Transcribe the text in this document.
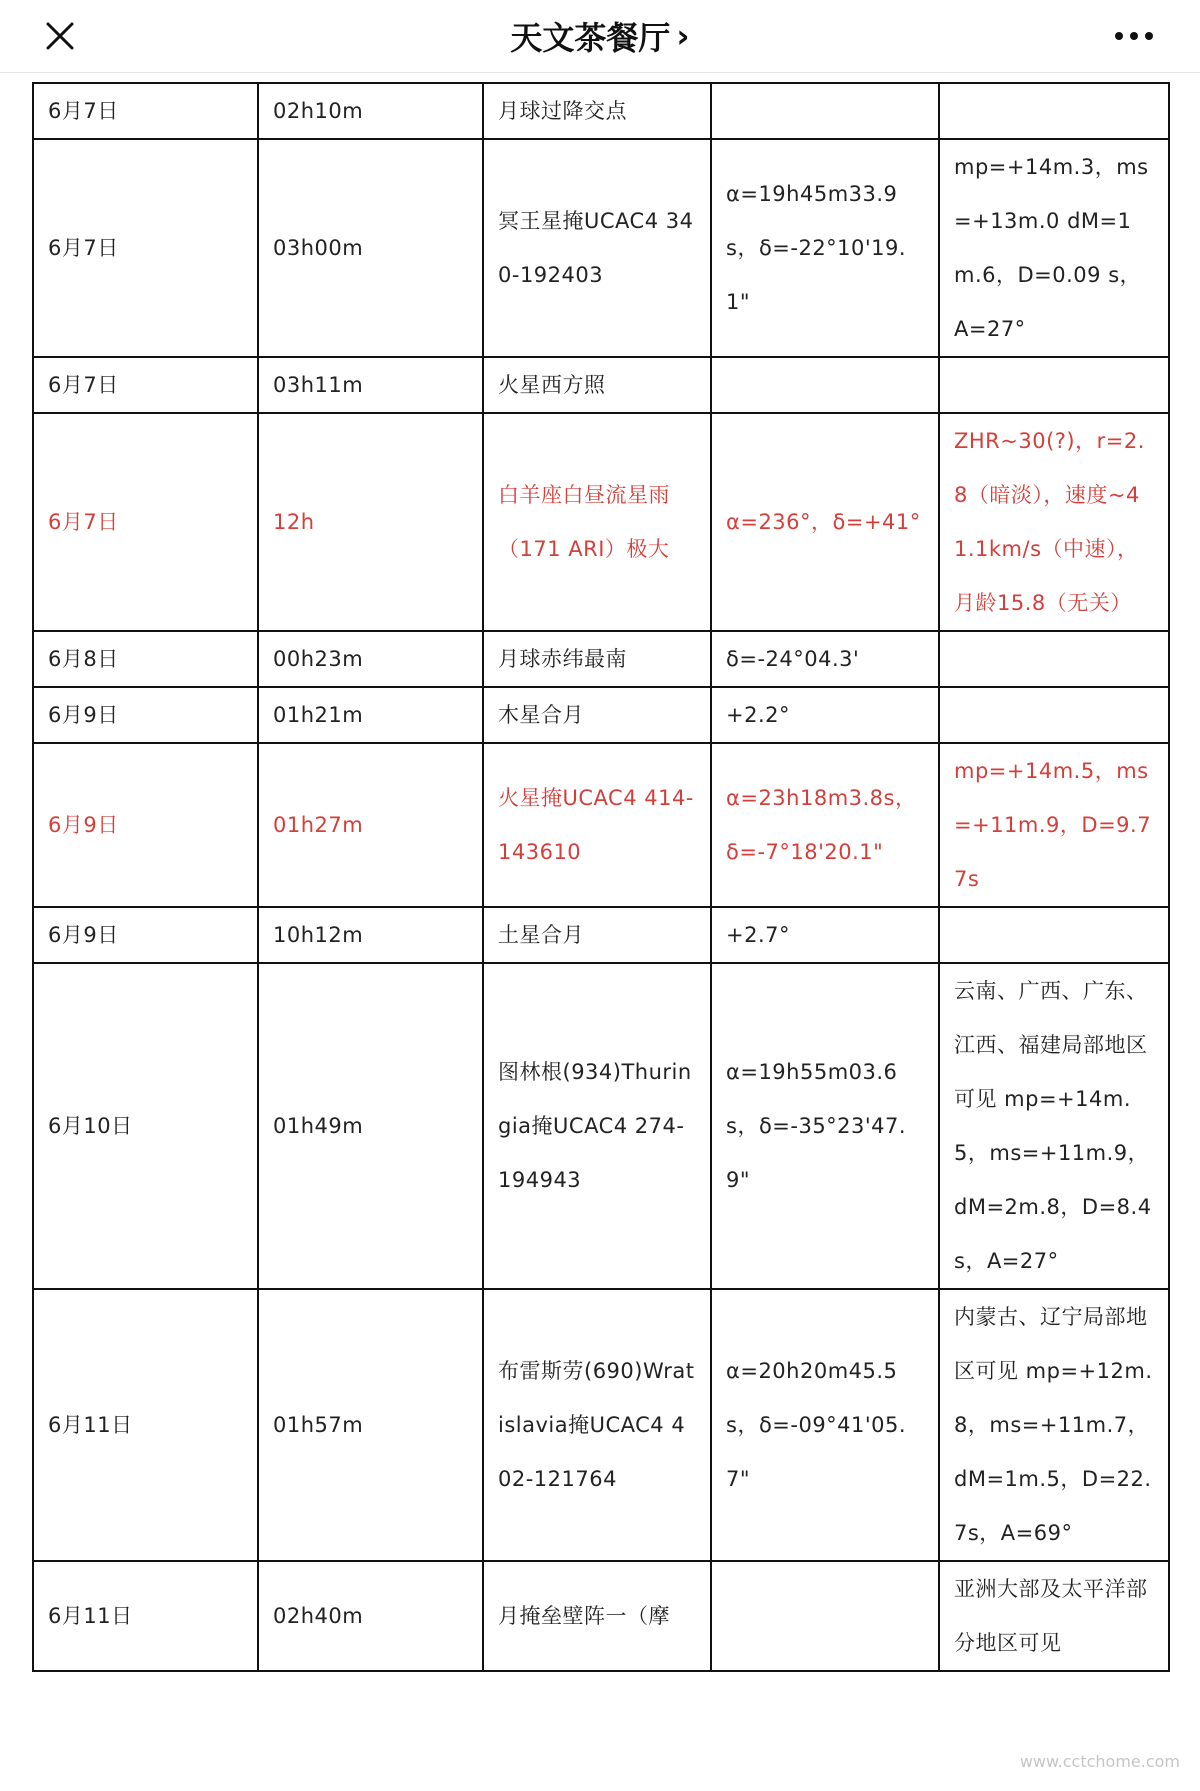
天文茶餐厅 ›
6月7日	02h10m	月球过降交点		
6月7日	03h00m	冥王星掩UCAC4 340-192403	α=19h45m33.9s，δ=-22°10'19.1"	mp=+14m.3，ms=+13m.0 dM=1m.6，D=0.09 s，A=27°
6月7日	03h11m	火星西方照		
6月7日	12h	白羊座白昼流星雨（171 ARI）极大	α=236°，δ=+41°	ZHR~30(?)，r=2.8（暗淡），速度~41.1km/s（中速），月龄15.8（无关）
6月8日	00h23m	月球赤纬最南	δ=-24°04.3'	
6月9日	01h21m	木星合月	+2.2°	
6月9日	01h27m	火星掩UCAC4 414-143610	α=23h18m3.8s，δ=-7°18'20.1"	mp=+14m.5，ms=+11m.9，D=9.77s
6月9日	10h12m	土星合月	+2.7°	
6月10日	01h49m	图林根(934)Thuringia掩UCAC4 274-194943	α=19h55m03.6s，δ=-35°23'47.9"	云南、广西、广东、江西、福建局部地区可见 mp=+14m.5，ms=+11m.9，dM=2m.8，D=8.4s，A=27°
6月11日	01h57m	布雷斯劳(690)Wratislavia掩UCAC4 402-121764	α=20h20m45.5s，δ=-09°41'05.7"	内蒙古、辽宁局部地区可见 mp=+12m.8，ms=+11m.7，dM=1m.5，D=22.7s，A=69°
6月11日	02h40m	月掩垒壁阵一（摩		亚洲大部及太平洋部分地区可见
www.cctchome.com
